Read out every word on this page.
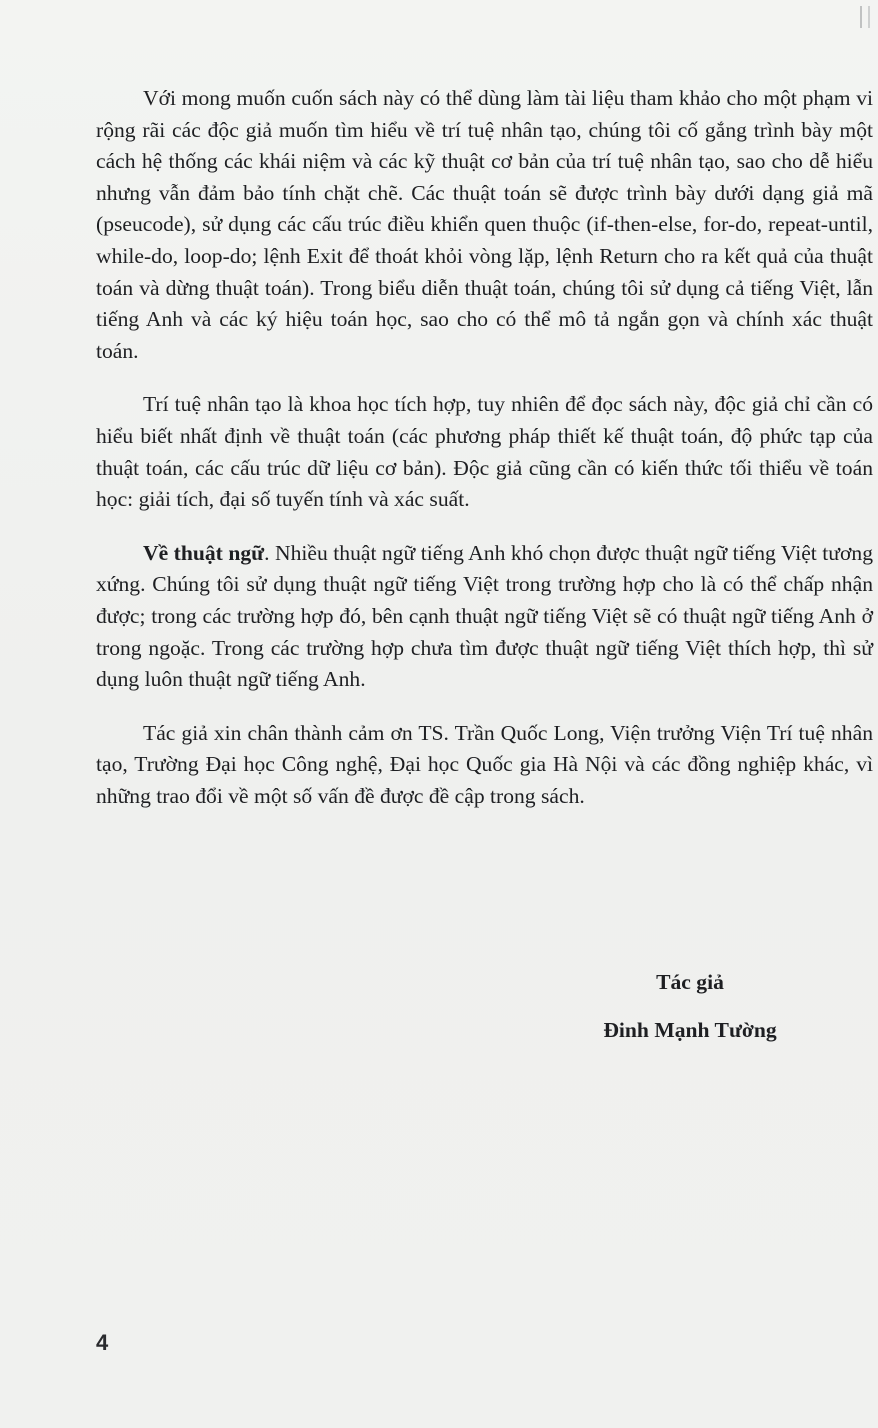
Với mong muốn cuốn sách này có thể dùng làm tài liệu tham khảo cho một phạm vi rộng rãi các độc giả muốn tìm hiểu về trí tuệ nhân tạo, chúng tôi cố gắng trình bày một cách hệ thống các khái niệm và các kỹ thuật cơ bản của trí tuệ nhân tạo, sao cho dễ hiểu nhưng vẫn đảm bảo tính chặt chẽ. Các thuật toán sẽ được trình bày dưới dạng giả mã (pseucode), sử dụng các cấu trúc điều khiển quen thuộc (if-then-else, for-do, repeat-until, while-do, loop-do; lệnh Exit để thoát khỏi vòng lặp, lệnh Return cho ra kết quả của thuật toán và dừng thuật toán). Trong biểu diễn thuật toán, chúng tôi sử dụng cả tiếng Việt, lẫn tiếng Anh và các ký hiệu toán học, sao cho có thể mô tả ngắn gọn và chính xác thuật toán.

Trí tuệ nhân tạo là khoa học tích hợp, tuy nhiên để đọc sách này, độc giả chỉ cần có hiểu biết nhất định về thuật toán (các phương pháp thiết kế thuật toán, độ phức tạp của thuật toán, các cấu trúc dữ liệu cơ bản). Độc giả cũng cần có kiến thức tối thiểu về toán học: giải tích, đại số tuyến tính và xác suất.

Về thuật ngữ. Nhiều thuật ngữ tiếng Anh khó chọn được thuật ngữ tiếng Việt tương xứng. Chúng tôi sử dụng thuật ngữ tiếng Việt trong trường hợp cho là có thể chấp nhận được; trong các trường hợp đó, bên cạnh thuật ngữ tiếng Việt sẽ có thuật ngữ tiếng Anh ở trong ngoặc. Trong các trường hợp chưa tìm được thuật ngữ tiếng Việt thích hợp, thì sử dụng luôn thuật ngữ tiếng Anh.

Tác giả xin chân thành cảm ơn TS. Trần Quốc Long, Viện trưởng Viện Trí tuệ nhân tạo, Trường Đại học Công nghệ, Đại học Quốc gia Hà Nội và các đồng nghiệp khác, vì những trao đổi về một số vấn đề được đề cập trong sách.

Tác giả
Đinh Mạnh Tường
4
